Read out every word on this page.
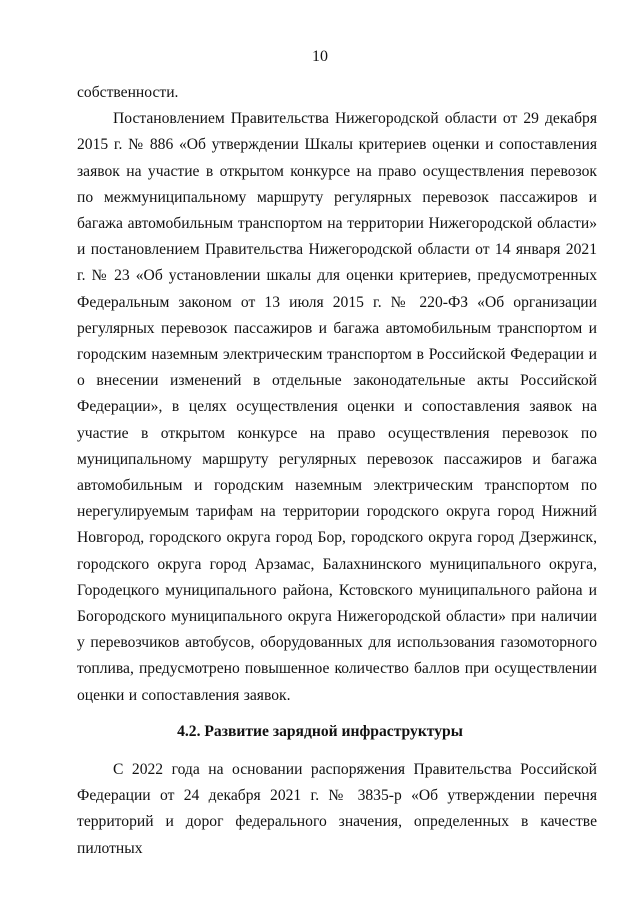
10

собственности.

Постановлением Правительства Нижегородской области от 29 декабря 2015 г. № 886 «Об утверждении Шкалы критериев оценки и сопоставления заявок на участие в открытом конкурсе на право осуществления перевозок по межмуниципальному маршруту регулярных перевозок пассажиров и багажа автомобильным транспортом на территории Нижегородской области» и постановлением Правительства Нижегородской области от 14 января 2021 г. № 23 «Об установлении шкалы для оценки критериев, предусмотренных Федеральным законом от 13 июля 2015 г. № 220-ФЗ «Об организации регулярных перевозок пассажиров и багажа автомобильным транспортом и городским наземным электрическим транспортом в Российской Федерации и о внесении изменений в отдельные законодательные акты Российской Федерации», в целях осуществления оценки и сопоставления заявок на участие в открытом конкурсе на право осуществления перевозок по муниципальному маршруту регулярных перевозок пассажиров и багажа автомобильным и городским наземным электрическим транспортом по нерегулируемым тарифам на территории городского округа город Нижний Новгород, городского округа город Бор, городского округа город Дзержинск, городского округа город Арзамас, Балахнинского муниципального округа, Городецкого муниципального района, Кстовского муниципального района и Богородского муниципального округа Нижегородской области» при наличии у перевозчиков автобусов, оборудованных для использования газомоторного топлива, предусмотрено повышенное количество баллов при осуществлении оценки и сопоставления заявок.

4.2. Развитие зарядной инфраструктуры

С 2022 года на основании распоряжения Правительства Российской Федерации от 24 декабря 2021 г. № 3835-р «Об утверждении перечня территорий и дорог федерального значения, определенных в качестве пилотных
